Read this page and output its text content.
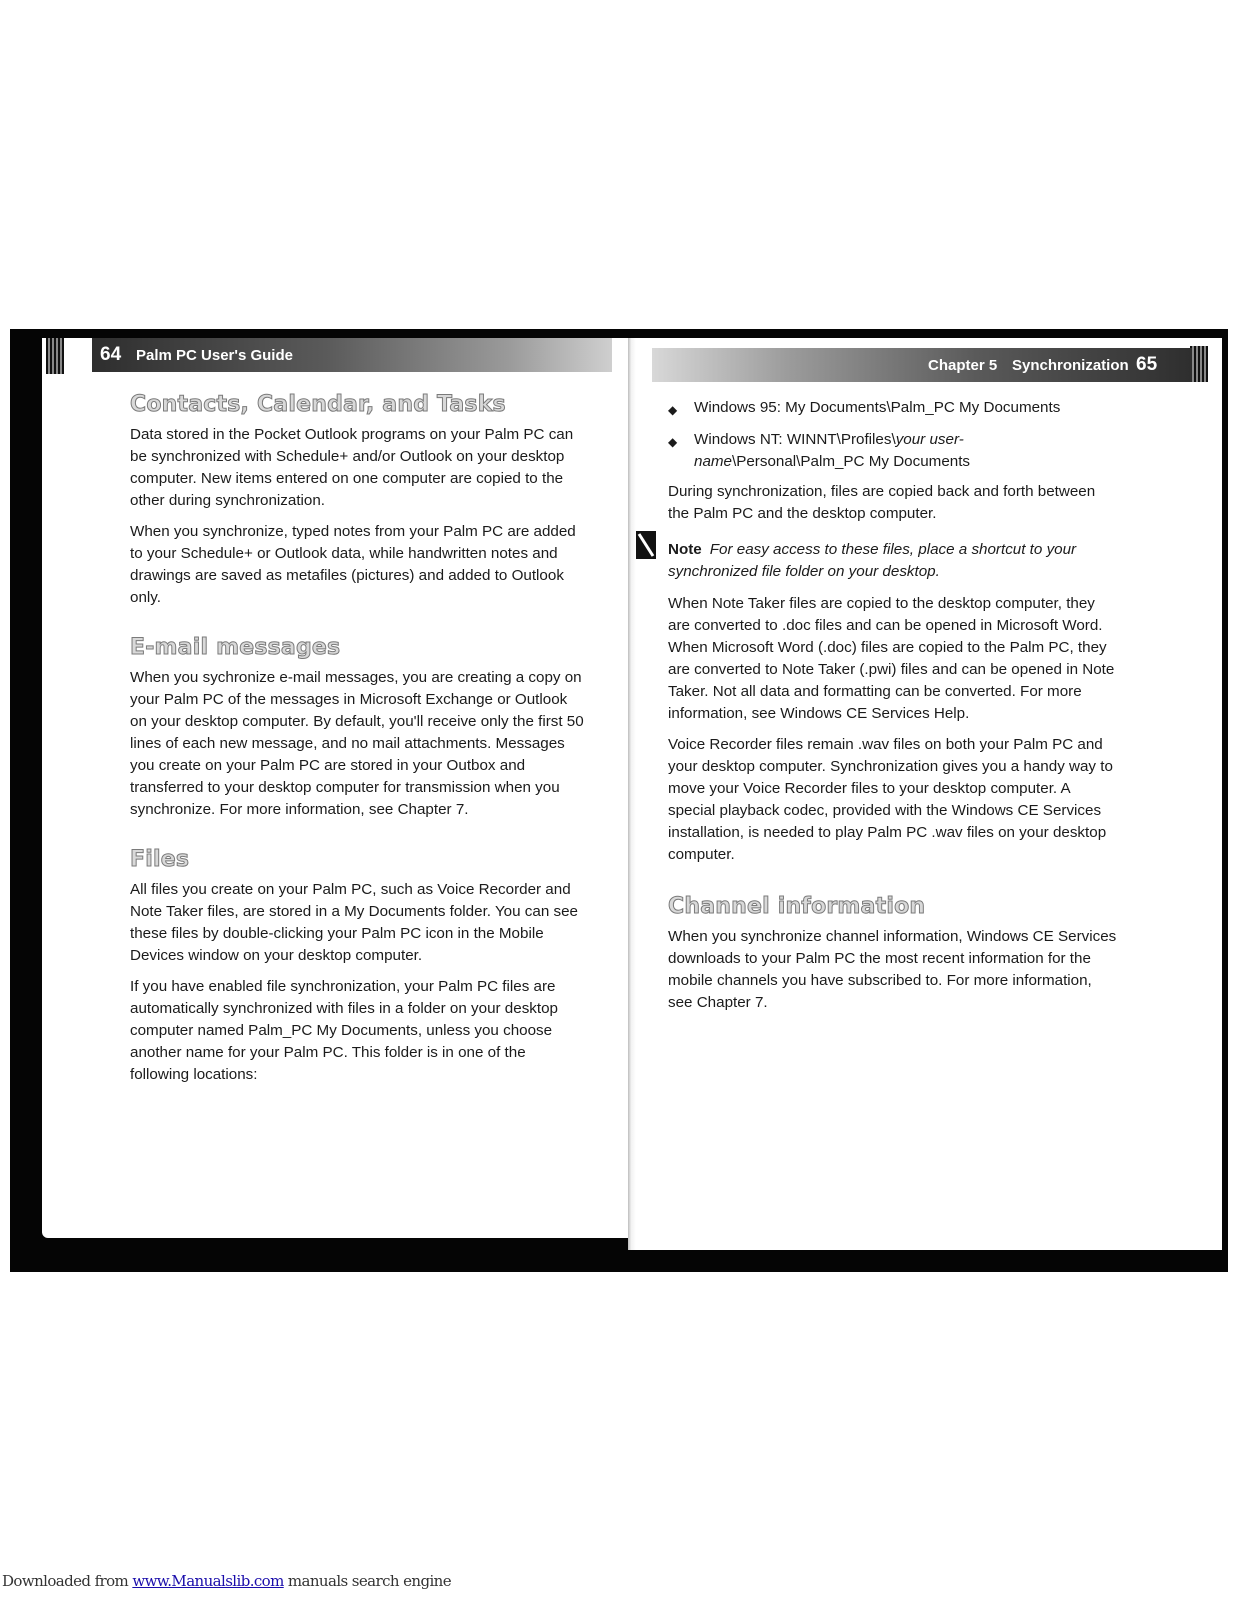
64 Palm PC User's Guide
Chapter 5 Synchronization 65
Contacts, Calendar, and Tasks

Data stored in the Pocket Outlook programs on your Palm PC can be synchronized with Schedule+ and/or Outlook on your desktop computer. New items entered on one computer are copied to the other during synchronization.

When you synchronize, typed notes from your Palm PC are added to your Schedule+ or Outlook data, while handwritten notes and drawings are saved as metafiles (pictures) and added to Outlook only.

E-mail messages

When you sychronize e-mail messages, you are creating a copy on your Palm PC of the messages in Microsoft Exchange or Outlook on your desktop computer. By default, you'll receive only the first 50 lines of each new message, and no mail attachments. Messages you create on your Palm PC are stored in your Outbox and transferred to your desktop computer for transmission when you synchronize. For more information, see Chapter 7.

Files

All files you create on your Palm PC, such as Voice Recorder and Note Taker files, are stored in a My Documents folder. You can see these files by double-clicking your Palm PC icon in the Mobile Devices window on your desktop computer.

If you have enabled file synchronization, your Palm PC files are automatically synchronized with files in a folder on your desktop computer named Palm_PC My Documents, unless you choose another name for your Palm PC. This folder is in one of the following locations:

◆	Windows 95: My Documents\Palm_PC My Documents
◆	Windows NT: WINNT\Profiles\your user-name\Personal\Palm_PC My Documents

During synchronization, files are copied back and forth between the Palm PC and the desktop computer.

Note For easy access to these files, place a shortcut to your synchronized file folder on your desktop.

When Note Taker files are copied to the desktop computer, they are converted to .doc files and can be opened in Microsoft Word. When Microsoft Word (.doc) files are copied to the Palm PC, they are converted to Note Taker (.pwi) files and can be opened in Note Taker. Not all data and formatting can be converted. For more information, see Windows CE Services Help.

Voice Recorder files remain .wav files on both your Palm PC and your desktop computer. Synchronization gives you a handy way to move your Voice Recorder files to your desktop computer. A special playback codec, provided with the Windows CE Services installation, is needed to play Palm PC .wav files on your desktop computer.

Channel information

When you synchronize channel information, Windows CE Services downloads to your Palm PC the most recent information for the mobile channels you have subscribed to. For more information, see Chapter 7.

Downloaded from www.Manualslib.com manuals search engine
